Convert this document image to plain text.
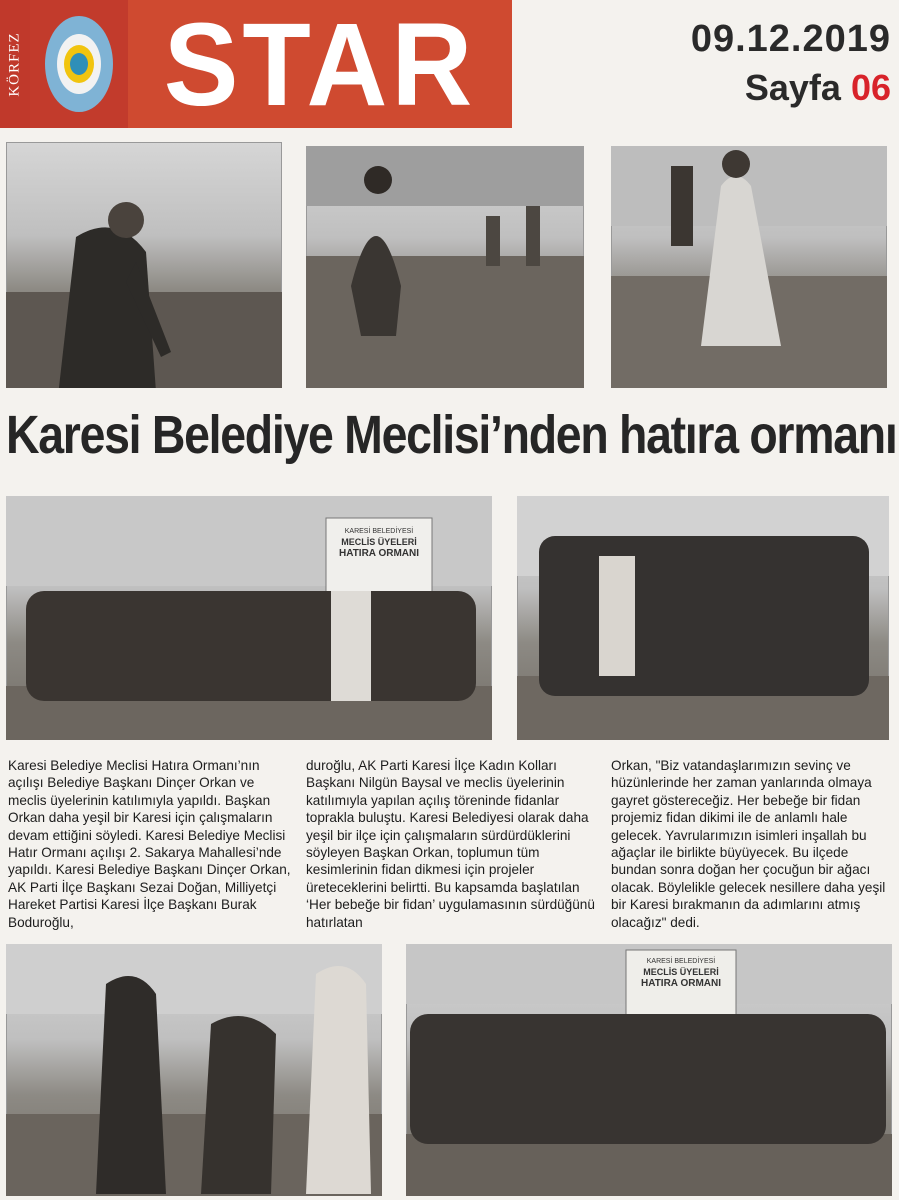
KÖRFEZ STAR	09.12.2019
Sayfa 06
Karesi Belediye Meclisi’nden hatıra ormanı
KARESİ BELEDİYESİ
MECLİS ÜYELERİ
HATIRA ORMANI
Karesi Belediye Meclisi Hatıra Ormanı’nın açılışı Belediye Başkanı Dinçer Orkan ve meclis üyelerinin katılımıyla yapıldı. Başkan Orkan daha yeşil bir Karesi için çalışmaların devam ettiğini söyledi. Karesi Belediye Meclisi Hatır Ormanı açılışı 2. Sakarya Mahallesi’nde yapıldı. Karesi Belediye Başkanı Dinçer Orkan, AK Parti İlçe Başkanı Sezai Doğan, Milliyetçi Hareket Partisi Karesi İlçe Başkanı Burak Boduroğlu,
duroğlu, AK Parti Karesi İlçe Kadın Kolları Başkanı Nilgün Baysal ve meclis üyelerinin katılımıyla yapılan açılış töreninde fidanlar toprakla buluştu. Karesi Belediyesi olarak daha yeşil bir ilçe için çalışmaların sürdürdüklerini söyleyen Başkan Orkan, toplumun tüm kesimlerinin fidan dikmesi için projeler üreteceklerini belirtti. Bu kapsamda başlatılan ‘Her bebeğe bir fidan’ uygulamasının sürdüğünü hatırlatan
Orkan, "Biz vatandaşlarımızın sevinç ve hüzünlerinde her zaman yanlarında olmaya gayret göstereceğiz. Her bebeğe bir fidan projemiz fidan dikimi ile de anlamlı hale gelecek. Yavrularımızın isimleri inşallah bu ağaçlar ile birlikte büyüyecek. Bu ilçede bundan sonra doğan her çocuğun bir ağacı olacak. Böylelikle gelecek nesillere daha yeşil bir Karesi bırakmanın da adımlarını atmış olacağız" dedi.
KARESİ BELEDİYESİ
MECLİS ÜYELERİ
HATIRA ORMANI
